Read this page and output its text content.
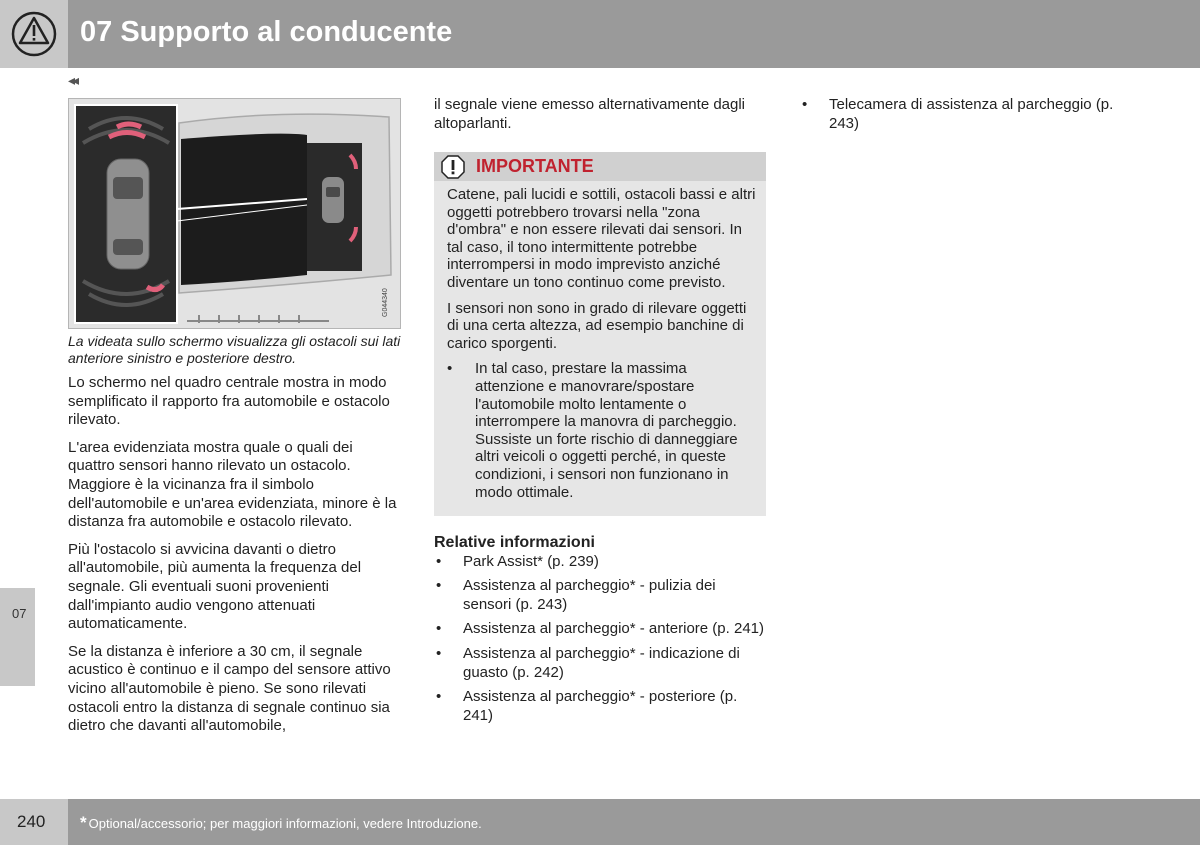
07 Supporto al conducente
◂◂
07
G044340
La videata sullo schermo visualizza gli ostacoli sui lati anteriore sinistro e posteriore destro.

Lo schermo nel quadro centrale mostra in modo semplificato il rapporto fra automobile e ostacolo rilevato.

L'area evidenziata mostra quale o quali dei quattro sensori hanno rilevato un ostacolo. Maggiore è la vicinanza fra il simbolo dell'automobile e un'area evidenziata, minore è la distanza fra automobile e ostacolo rilevato.

Più l'ostacolo si avvicina davanti o dietro all'automobile, più aumenta la frequenza del segnale. Gli eventuali suoni provenienti dall'impianto audio vengono attenuati automaticamente.

Se la distanza è inferiore a 30 cm, il segnale acustico è continuo e il campo del sensore attivo vicino all'automobile è pieno. Se sono rilevati ostacoli entro la distanza di segnale continuo sia dietro che davanti all'automobile,

il segnale viene emesso alternativamente dagli altoparlanti.

IMPORTANTE

Catene, pali lucidi e sottili, ostacoli bassi e altri oggetti potrebbero trovarsi nella "zona d'ombra" e non essere rilevati dai sensori. In tal caso, il tono intermittente potrebbe interrompersi in modo imprevisto anziché diventare un tono continuo come previsto.

I sensori non sono in grado di rilevare oggetti di una certa altezza, ad esempio banchine di carico sporgenti.

• In tal caso, prestare la massima attenzione e manovrare/spostare l'automobile molto lentamente o interrompere la manovra di parcheggio. Sussiste un forte rischio di danneggiare altri veicoli o oggetti perché, in queste condizioni, i sensori non funzionano in modo ottimale.
Relative informazioni
• Park Assist* (p. 239)
• Assistenza al parcheggio* - pulizia dei sensori (p. 243)
• Assistenza al parcheggio* - anteriore (p. 241)
• Assistenza al parcheggio* - indicazione di guasto (p. 242)
• Assistenza al parcheggio* - posteriore (p. 241)
• Telecamera di assistenza al parcheggio (p. 243)
240 * Optional/accessorio; per maggiori informazioni, vedere Introduzione.
